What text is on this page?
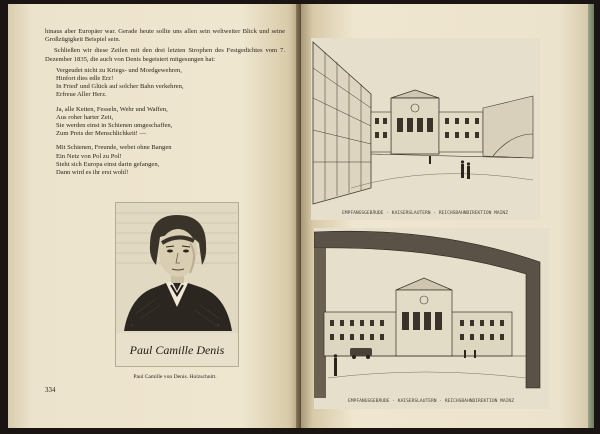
hinaus aber Europäer war. Gerade heute sollte uns allen sein weltweiter Blick und seine Großzügigkeit Beispiel sein.

Schließen wir diese Zeilen mit den drei letzten Strophen des Festgedichtes vom 7. Dezember 1835, die auch von Denis begeistert mitgesungen hat:

Vergeudet nicht zu Kriegs- und Mordgewehren,
Hinfort dies edle Erz!
In Fried' und Glück auf solcher Bahn verkehren,
Erfreue Aller Herz.
Ja, alle Ketten, Fesseln, Wehr und Waffen,
Aus roher harter Zeit,
Sie werden einst in Schienen umgeschaffen,
Zum Preis der Menschlichkeit! —
Mit Schienen, Freunde, webet ohne Bangen
Ein Netz von Pol zu Pol!
Sieht sich Europa einst darin gefangen,
Dann wird es ihr erst wohl!
✶	✶
Paul Camille Denis
Paul Camille von Denis. Holzschnitt.
334
EMPFANGSGEBÄUDE · KAISERSLAUTERN · REICHSBAHNDIREKTION MAINZ
EMPFANGSGEBÄUDE · KAISERSLAUTERN · REICHSBAHNDIREKTION MAINZ
